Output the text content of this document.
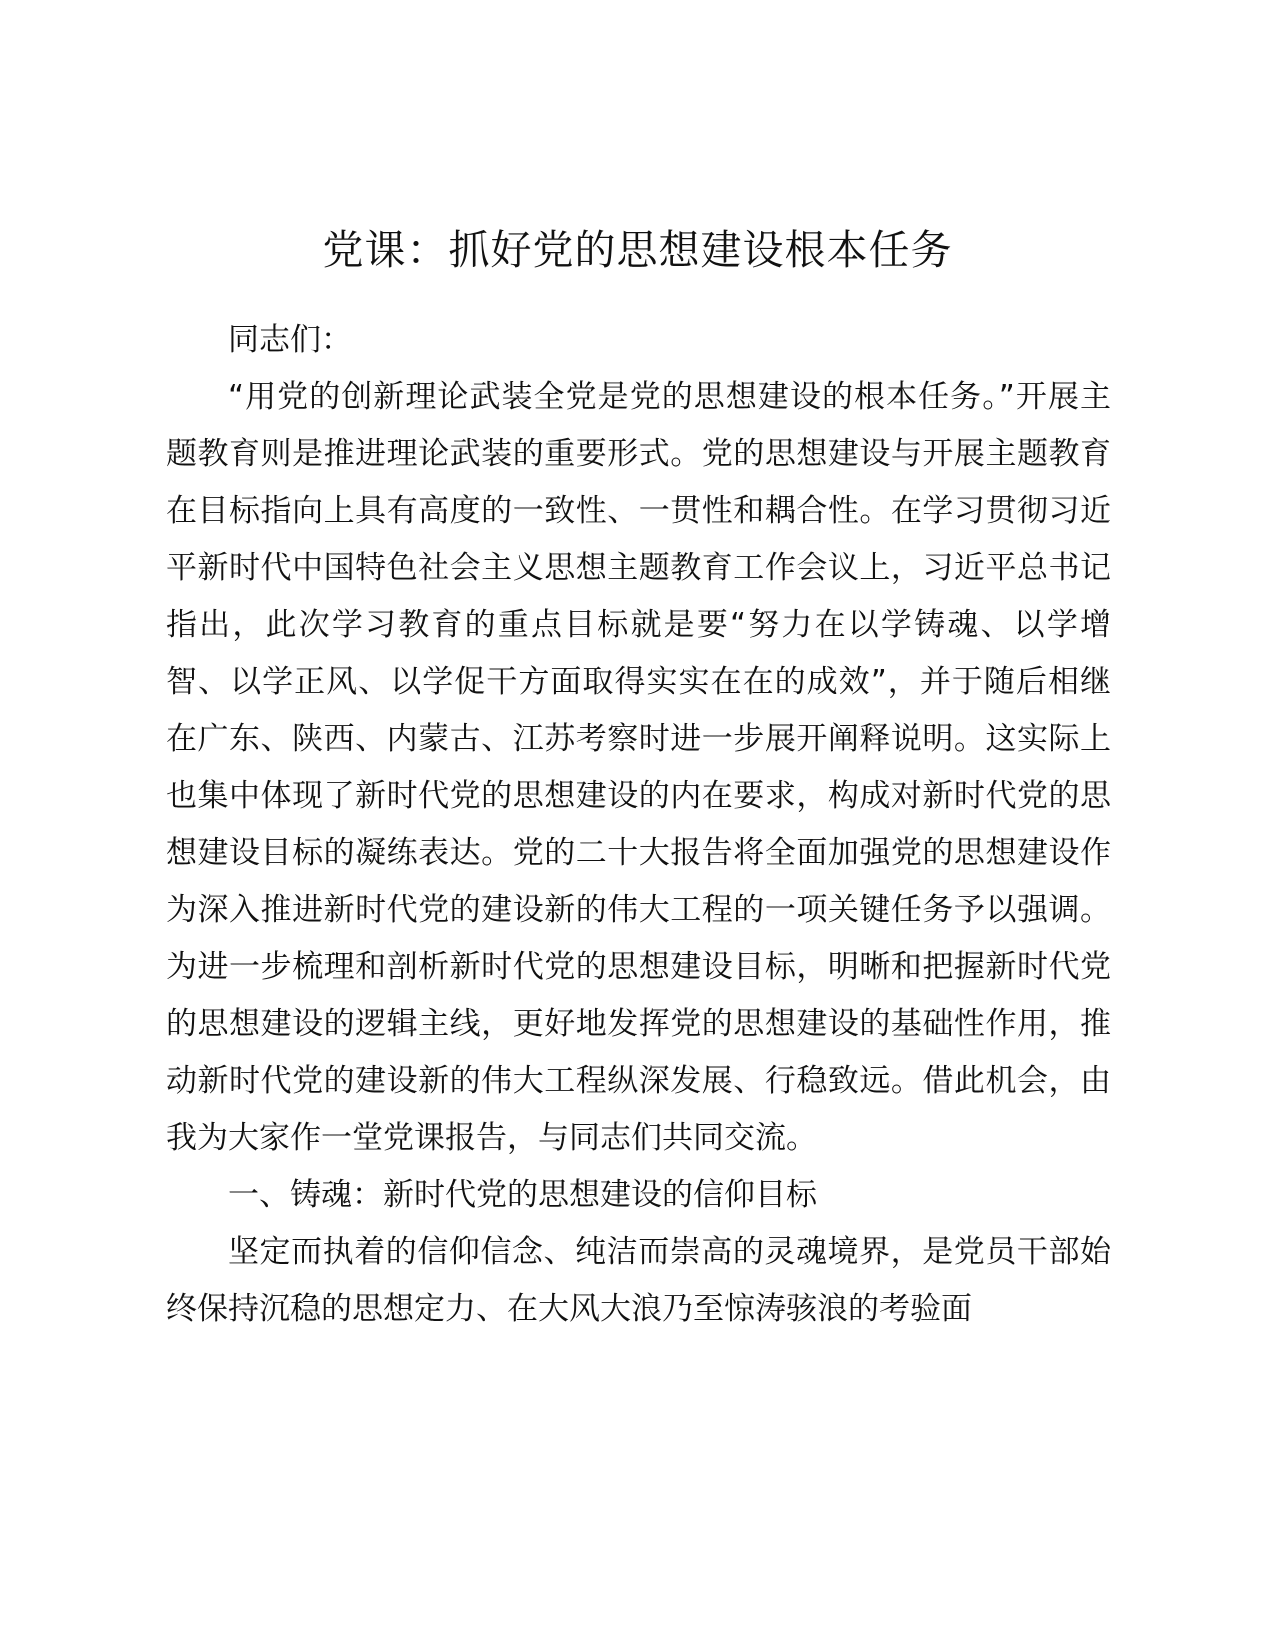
党课：抓好党的思想建设根本任务

同志们：

“用党的创新理论武装全党是党的思想建设的根本任务。”开展主题教育则是推进理论武装的重要形式。党的思想建设与开展主题教育在目标指向上具有高度的一致性、一贯性和耦合性。在学习贯彻习近平新时代中国特色社会主义思想主题教育工作会议上，习近平总书记指出，此次学习教育的重点目标就是要“努力在以学铸魂、以学增智、以学正风、以学促干方面取得实实在在的成效”，并于随后相继在广东、陕西、内蒙古、江苏考察时进一步展开阐释说明。这实际上也集中体现了新时代党的思想建设的内在要求，构成对新时代党的思想建设目标的凝练表达。党的二十大报告将全面加强党的思想建设作为深入推进新时代党的建设新的伟大工程的一项关键任务予以强调。为进一步梳理和剖析新时代党的思想建设目标，明晰和把握新时代党的思想建设的逻辑主线，更好地发挥党的思想建设的基础性作用，推动新时代党的建设新的伟大工程纵深发展、行稳致远。借此机会，由我为大家作一堂党课报告，与同志们共同交流。

一、铸魂：新时代党的思想建设的信仰目标

坚定而执着的信仰信念、纯洁而崇高的灵魂境界，是党员干部始终保持沉稳的思想定力、在大风大浪乃至惊涛骇浪的考验面
